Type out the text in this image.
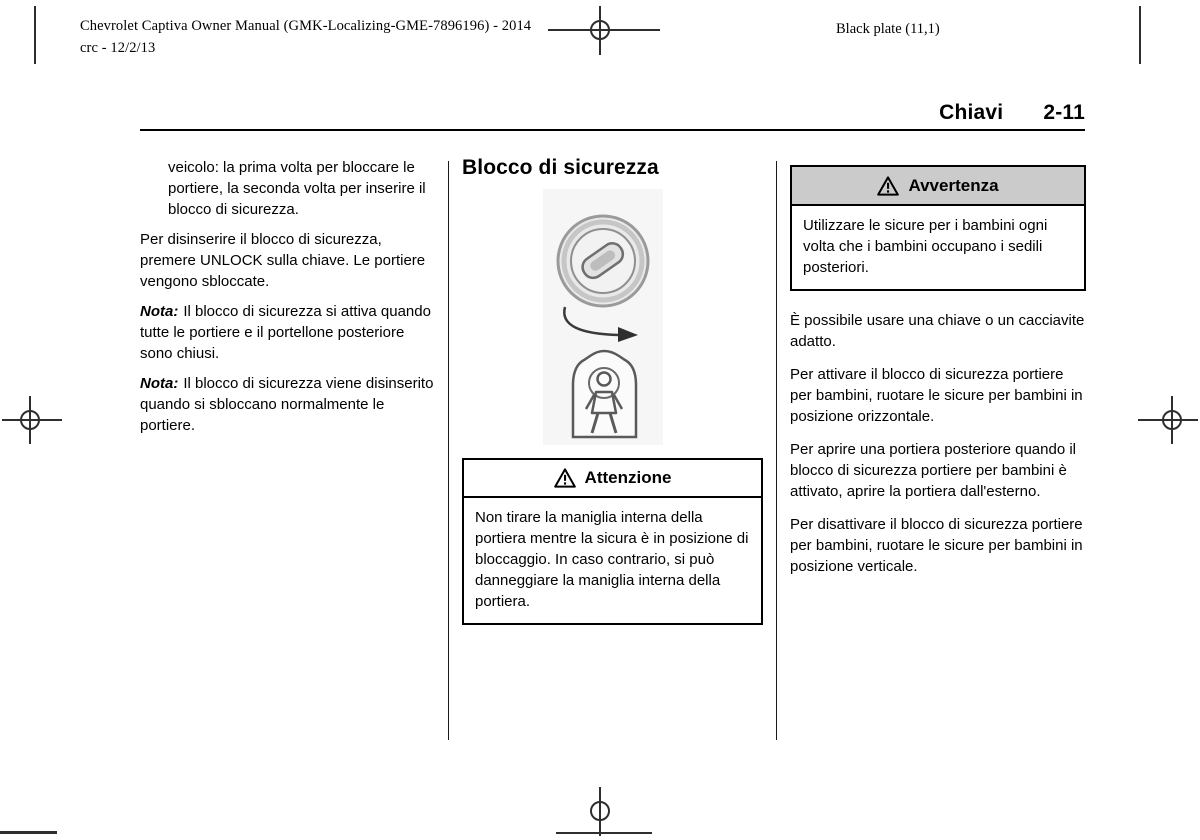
Chevrolet Captiva Owner Manual (GMK-Localizing-GME-7896196) - 2014
crc - 12/2/13
Black plate (11,1)
Chiavi 2-11

veicolo: la prima volta per bloccare le portiere, la seconda volta per inserire il blocco di sicurezza.

Per disinserire il blocco di sicurezza, premere UNLOCK sulla chiave. Le portiere vengono sbloccate.

Nota: Il blocco di sicurezza si attiva quando tutte le portiere e il portellone posteriore sono chiusi.

Nota: Il blocco di sicurezza viene disinserito quando si sbloccano normalmente le portiere.

Blocco di sicurezza
Attenzione
Non tirare la maniglia interna della portiera mentre la sicura è in posizione di bloccaggio. In caso contrario, si può danneggiare la maniglia interna della portiera.
Avvertenza
Utilizzare le sicure per i bambini ogni volta che i bambini occupano i sedili posteriori.

È possibile usare una chiave o un cacciavite adatto.

Per attivare il blocco di sicurezza portiere per bambini, ruotare le sicure per bambini in posizione orizzontale.

Per aprire una portiera posteriore quando il blocco di sicurezza portiere per bambini è attivato, aprire la portiera dall'esterno.

Per disattivare il blocco di sicurezza portiere per bambini, ruotare le sicure per bambini in posizione verticale.
